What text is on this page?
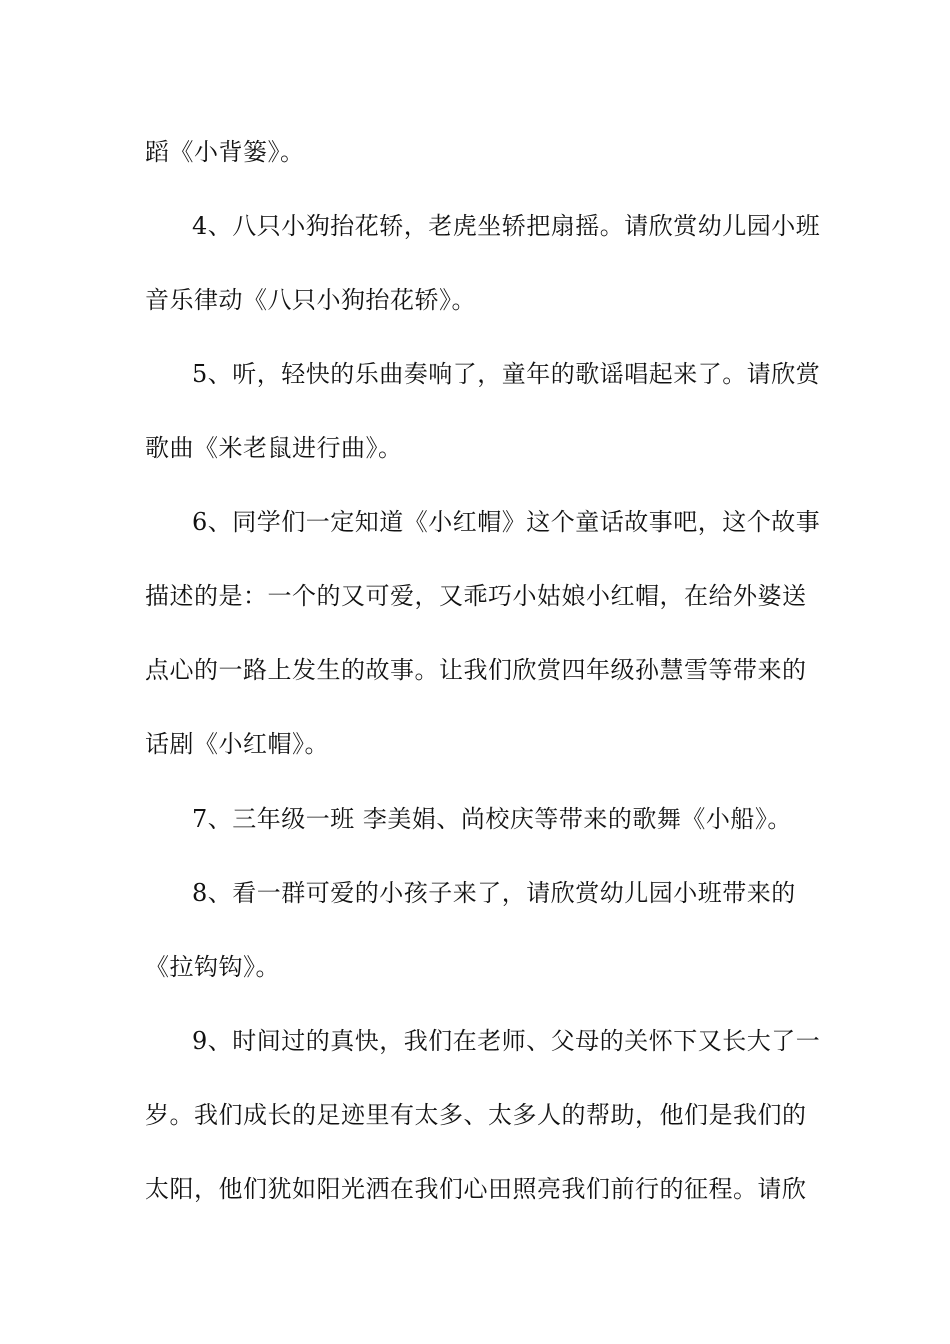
蹈《小背篓》。
4、八只小狗抬花轿，老虎坐轿把扇摇。请欣赏幼儿园小班
音乐律动《八只小狗抬花轿》。
5、听，轻快的乐曲奏响了，童年的歌谣唱起来了。请欣赏
歌曲《米老鼠进行曲》。
6、同学们一定知道《小红帽》这个童话故事吧，这个故事
描述的是：一个的又可爱，又乖巧小姑娘小红帽，在给外婆送
点心的一路上发生的故事。让我们欣赏四年级孙慧雪等带来的
话剧《小红帽》。
7、三年级一班 李美娟、尚校庆等带来的歌舞《小船》。
8、看一群可爱的小孩子来了，请欣赏幼儿园小班带来的
《拉钩钩》。
9、时间过的真快，我们在老师、父母的关怀下又长大了一
岁。我们成长的足迹里有太多、太多人的帮助，他们是我们的
太阳，他们犹如阳光洒在我们心田照亮我们前行的征程。请欣
